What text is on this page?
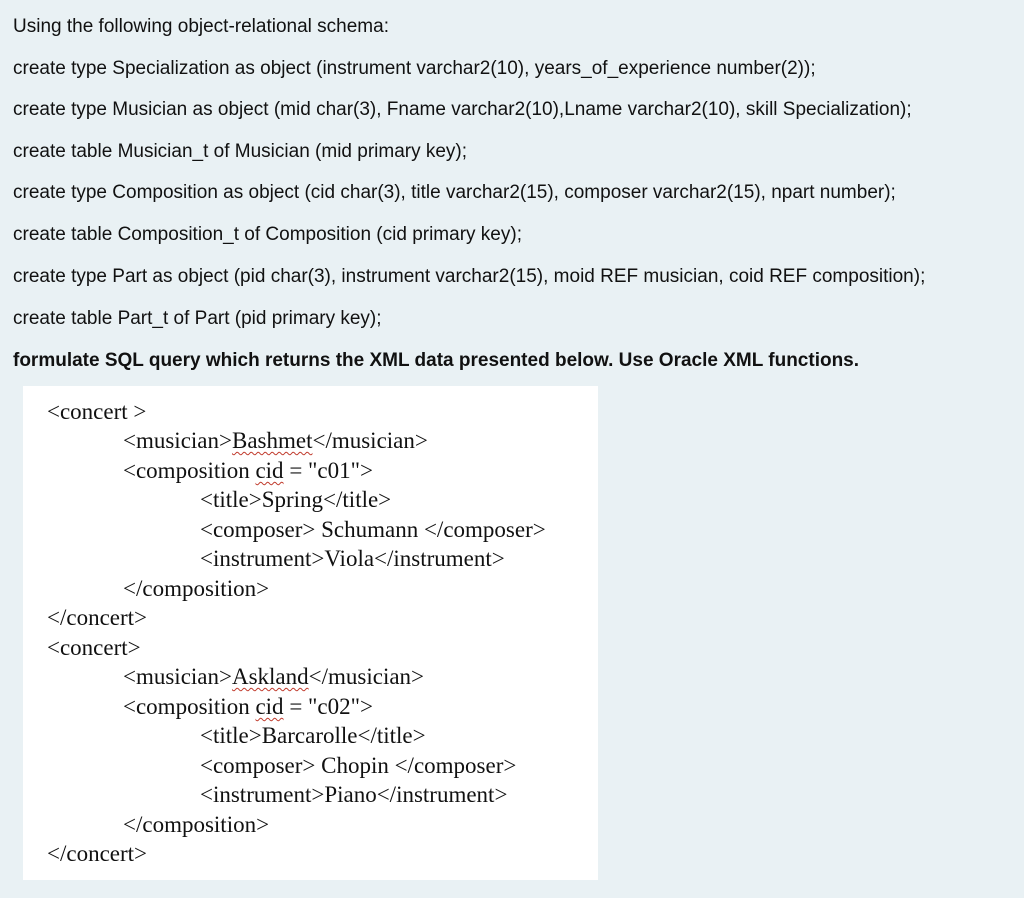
Using the following object-relational schema:
create type Specialization as object (instrument varchar2(10), years_of_experience number(2));
create type Musician as object (mid char(3), Fname varchar2(10),Lname varchar2(10), skill Specialization);
create table Musician_t of Musician (mid primary key);
create type Composition as object (cid char(3), title varchar2(15), composer varchar2(15), npart number);
create table Composition_t of Composition (cid primary key);
create type Part as object (pid char(3), instrument varchar2(15), moid REF musician, coid REF composition);
create table Part_t of Part (pid primary key);
formulate SQL query which returns the XML data presented below. Use Oracle XML functions.
<concert >
<musician>Bashmet</musician>
<composition cid = "c01">
<title>Spring</title>
<composer> Schumann </composer>
<instrument>Viola</instrument>
</composition>
</concert>
<concert>
<musician>Askland</musician>
<composition cid = "c02">
<title>Barcarolle</title>
<composer> Chopin </composer>
<instrument>Piano</instrument>
</composition>
</concert>
